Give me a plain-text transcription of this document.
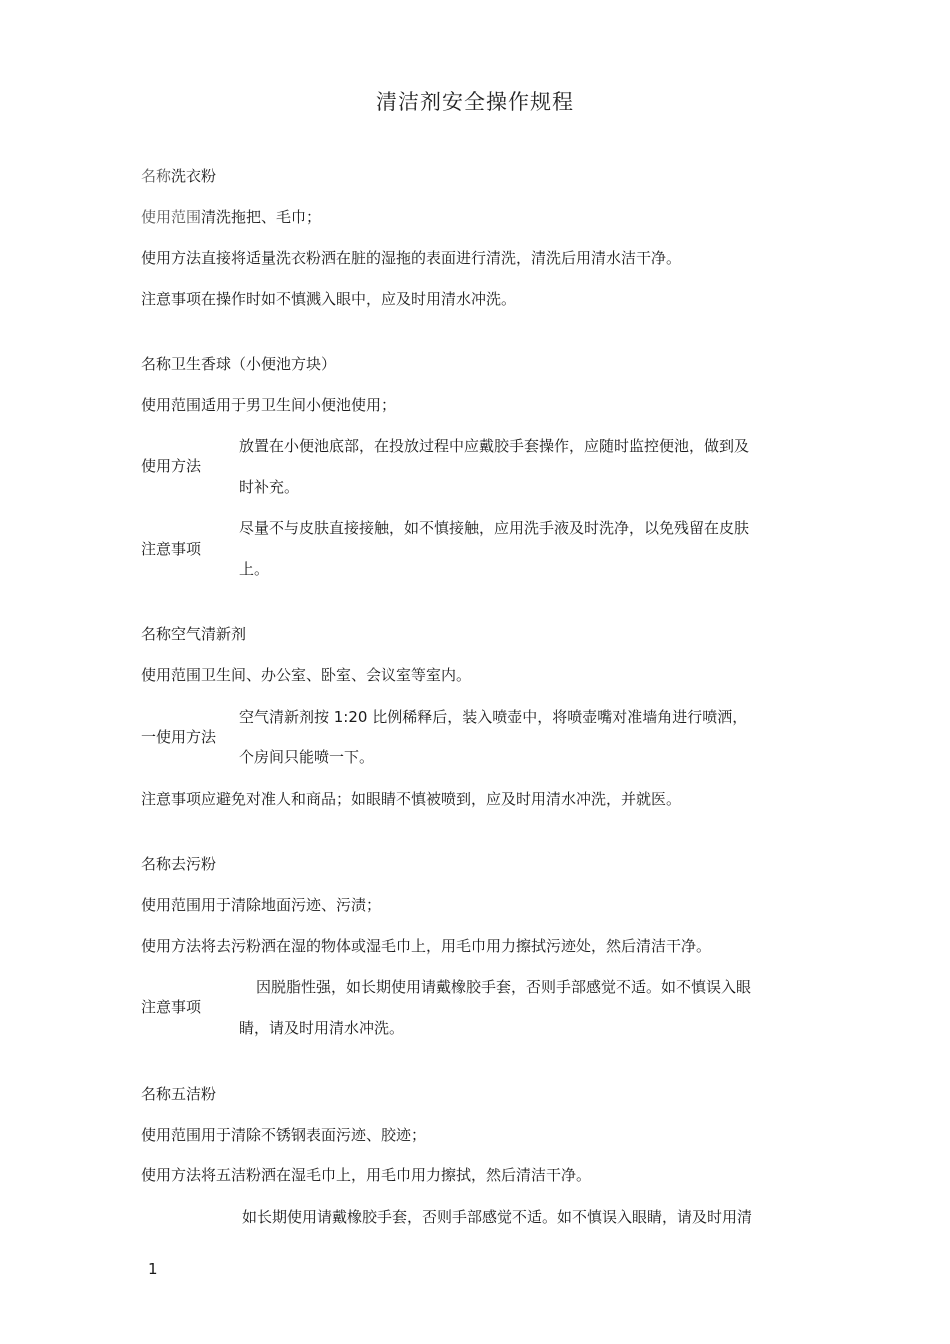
清洁剂安全操作规程
名称洗衣粉
使用范围清洗拖把、毛巾；
使用方法直接将适量洗衣粉洒在脏的湿拖的表面进行清洗，清洗后用清水洁干净。
注意事项在操作时如不慎溅入眼中，应及时用清水冲洗。
名称卫生香球（小便池方块）
使用范围适用于男卫生间小便池使用；
使用方法
放置在小便池底部，在投放过程中应戴胶手套操作，应随时监控便池，做到及
时补充。
注意事项
尽量不与皮肤直接接触，如不慎接触，应用洗手液及时洗净，以免残留在皮肤
上。
名称空气清新剂
使用范围卫生间、办公室、卧室、会议室等室内。
一使用方法
空气清新剂按 1:20 比例稀释后，装入喷壶中，将喷壶嘴对准墙角进行喷洒，
个房间只能喷一下。
注意事项应避免对准人和商品；如眼睛不慎被喷到，应及时用清水冲洗，并就医。
名称去污粉
使用范围用于清除地面污迹、污渍；
使用方法将去污粉洒在湿的物体或湿毛巾上，用毛巾用力擦拭污迹处，然后清洁干净。
注意事项
因脱脂性强，如长期使用请戴橡胶手套，否则手部感觉不适。如不慎误入眼
睛，请及时用清水冲洗。
名称五洁粉
使用范围用于清除不锈钢表面污迹、胶迹；
使用方法将五洁粉洒在湿毛巾上，用毛巾用力擦拭，然后清洁干净。
如长期使用请戴橡胶手套，否则手部感觉不适。如不慎误入眼睛，请及时用清
1
